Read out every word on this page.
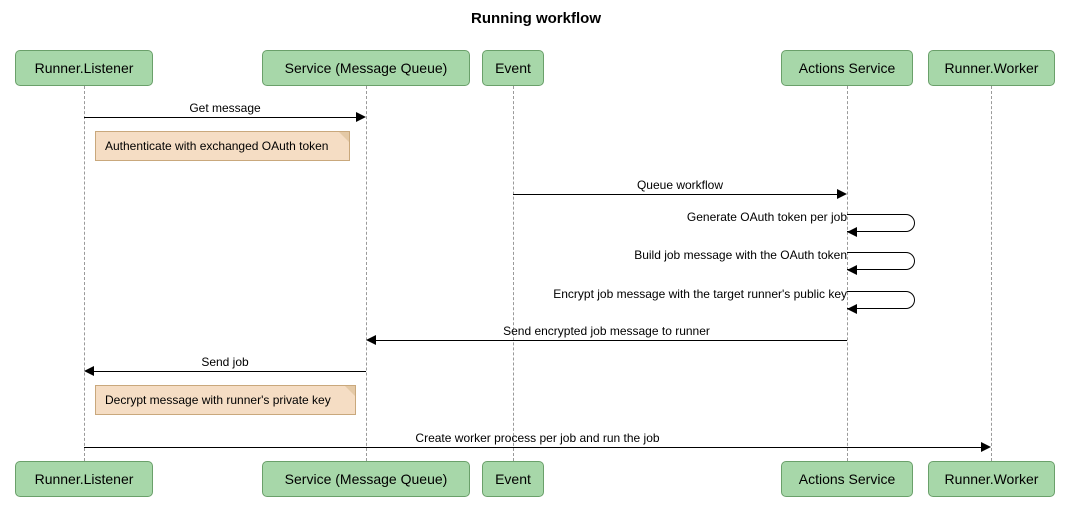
Running workflow
Runner.Listener	Service (Message Queue)	Event	Actions Service	Runner.Worker
Runner.Listener	Service (Message Queue)	Event	Actions Service	Runner.Worker
Get message
Authenticate with exchanged OAuth token
Queue workflow
Generate OAuth token per job
Build job message with the OAuth token
Encrypt job message with the target runner's public key
Send encrypted job message to runner
Send job
Decrypt message with runner's private key
Create worker process per job and run the job
